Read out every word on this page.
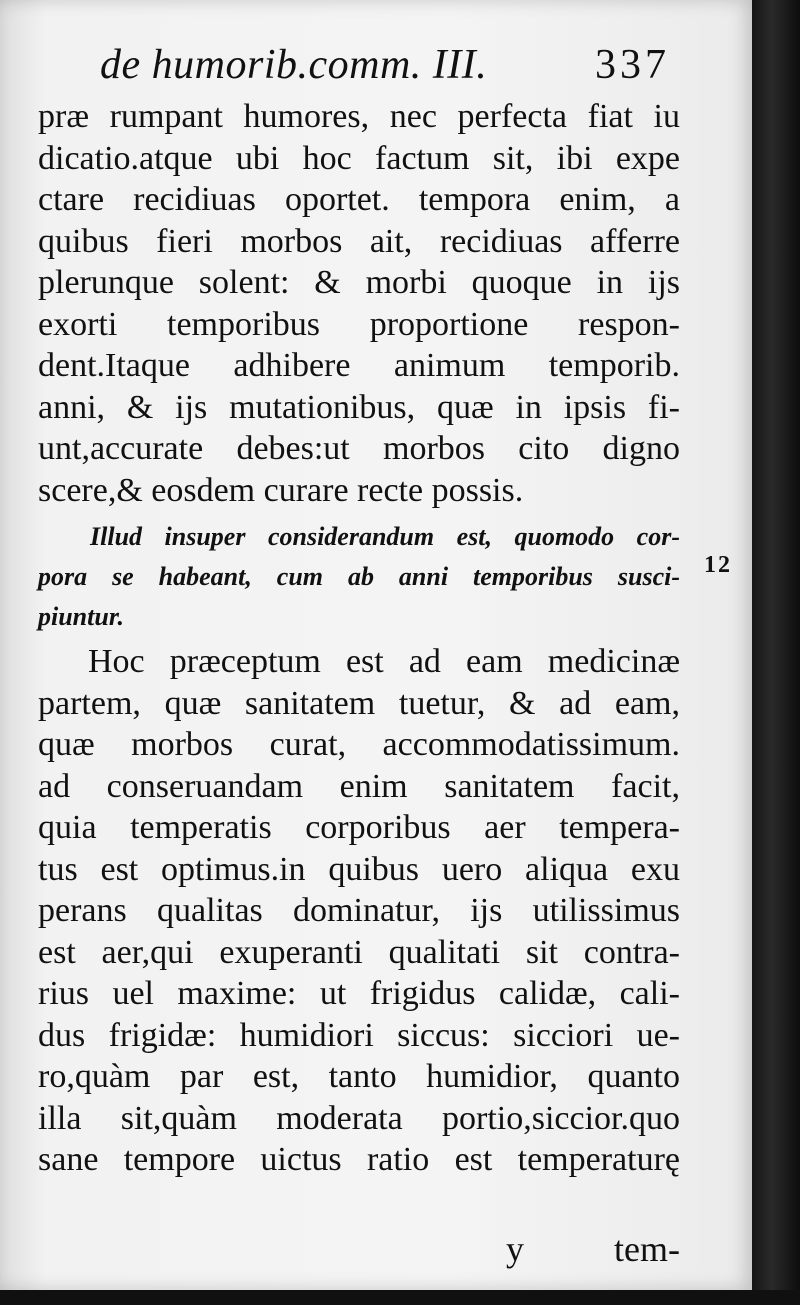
de humorib.comm. III.	337
præ rumpant humores, nec perfecta fiat iu
dicatio.atque ubi hoc factum sit, ibi expe
ctare recidiuas oportet. tempora enim, a
quibus fieri morbos ait, recidiuas afferre
plerunque solent: & morbi quoque in ijs
exorti temporibus proportione respon-
dent.Itaque adhibere animum temporib.
anni, & ijs mutationibus, quæ in ipsis fi-
unt,accurate debes:ut morbos cito digno
scere,& eosdem curare recte possis.
Illud insuper considerandum est, quomodo cor-
pora se habeant, cum ab anni temporibus susci-
piuntur.
Hoc præceptum est ad eam medicinæ
partem, quæ sanitatem tuetur, & ad eam,
quæ morbos curat, accommodatissimum.
ad conseruandam enim sanitatem facit,
quia temperatis corporibus aer tempera-
tus est optimus.in quibus uero aliqua exu
perans qualitas dominatur, ijs utilissimus
est aer,qui exuperanti qualitati sit contra-
rius uel maxime: ut frigidus calidæ, cali-
dus frigidæ: humidiori siccus: sicciori ue-
ro,quàm par est, tanto humidior, quanto
illa sit,quàm moderata portio,siccior.quo
sane tempore uictus ratio est temperaturę
12
y	tem-
